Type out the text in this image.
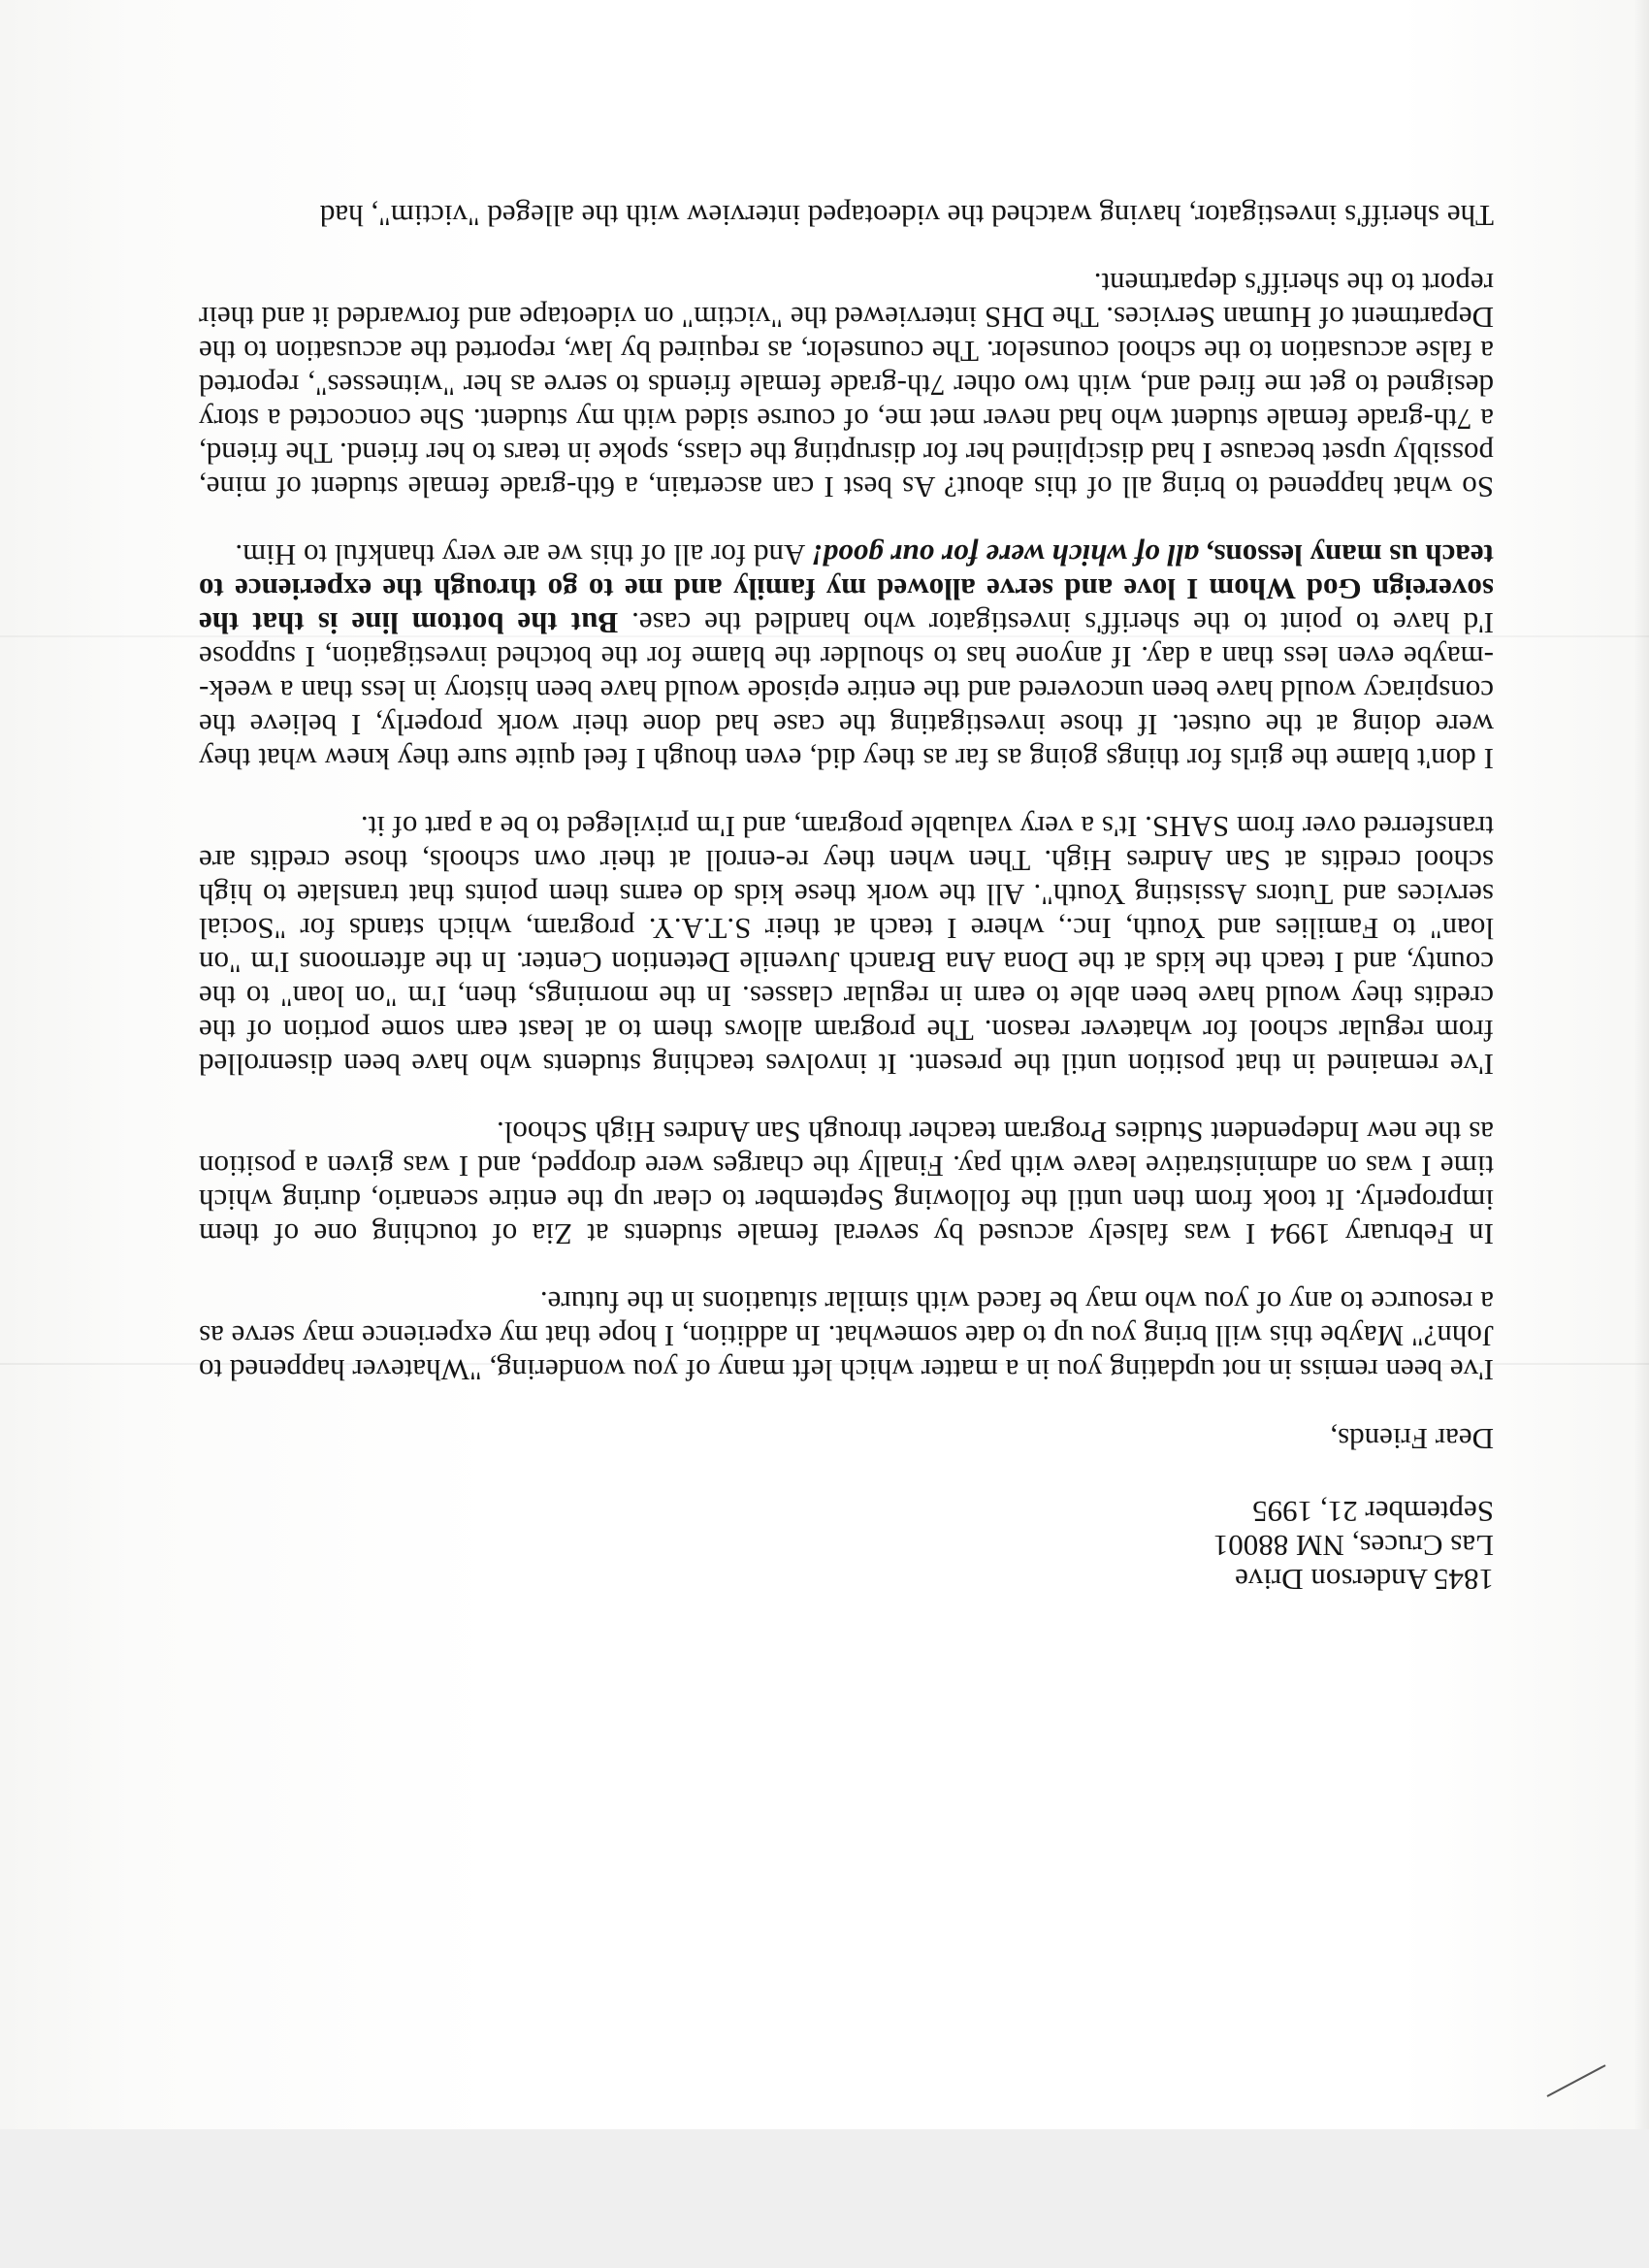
1845 Anderson Drive
Las Cruces, NM 88001
September 21, 1995
Dear Friends,

I've been remiss in not updating you in a matter which left many of you wondering, "Whatever happened to John?" Maybe this will bring you up to date somewhat. In addition, I hope that my experience may serve as a resource to any of you who may be faced with similar situations in the future.

In February 1994 I was falsely accused by several female students at Zia of touching one of them improperly. It took from then until the following September to clear up the entire scenario, during which time I was on administrative leave with pay. Finally the charges were dropped, and I was given a position as the new Independent Studies Program teacher through San Andres High School.

I've remained in that position until the present. It involves teaching students who have been disenrolled from regular school for whatever reason. The program allows them to at least earn some portion of the credits they would have been able to earn in regular classes. In the mornings, then, I'm "on loan" to the county, and I teach the kids at the Dona Ana Branch Juvenile Detention Center. In the afternoons I'm "on loan" to Families and Youth, Inc., where I teach at their S.T.A.Y. program, which stands for "Social services and Tutors Assisting Youth". All the work these kids do earns them points that translate to high school credits at San Andres High. Then when they re-enroll at their own schools, those credits are transferred over from SAHS. It's a very valuable program, and I'm privileged to be a part of it.

I don't blame the girls for things going as far as they did, even though I feel quite sure they knew what they were doing at the outset. If those investigating the case had done their work properly, I believe the conspiracy would have been uncovered and the entire episode would have been history in less than a week--maybe even less than a day. If anyone has to shoulder the blame for the botched investigation, I suppose I'd have to point to the sheriff's investigator who handled the case. But the bottom line is that the sovereign God Whom I love and serve allowed my family and me to go through the experience to teach us many lessons, all of which were for our good! And for all of this we are very thankful to Him.

So what happened to bring all of this about? As best I can ascertain, a 6th-grade female student of mine, possibly upset because I had disciplined her for disrupting the class, spoke in tears to her friend. The friend, a 7th-grade female student who had never met me, of course sided with my student. She concocted a story designed to get me fired and, with two other 7th-grade female friends to serve as her "witnesses", reported a false accusation to the school counselor. The counselor, as required by law, reported the accusation to the Department of Human Services. The DHS interviewed the "victim" on videotape and forwarded it and their report to the sheriff's department.

The sheriff's investigator, having watched the videotaped interview with the alleged "victim", had
